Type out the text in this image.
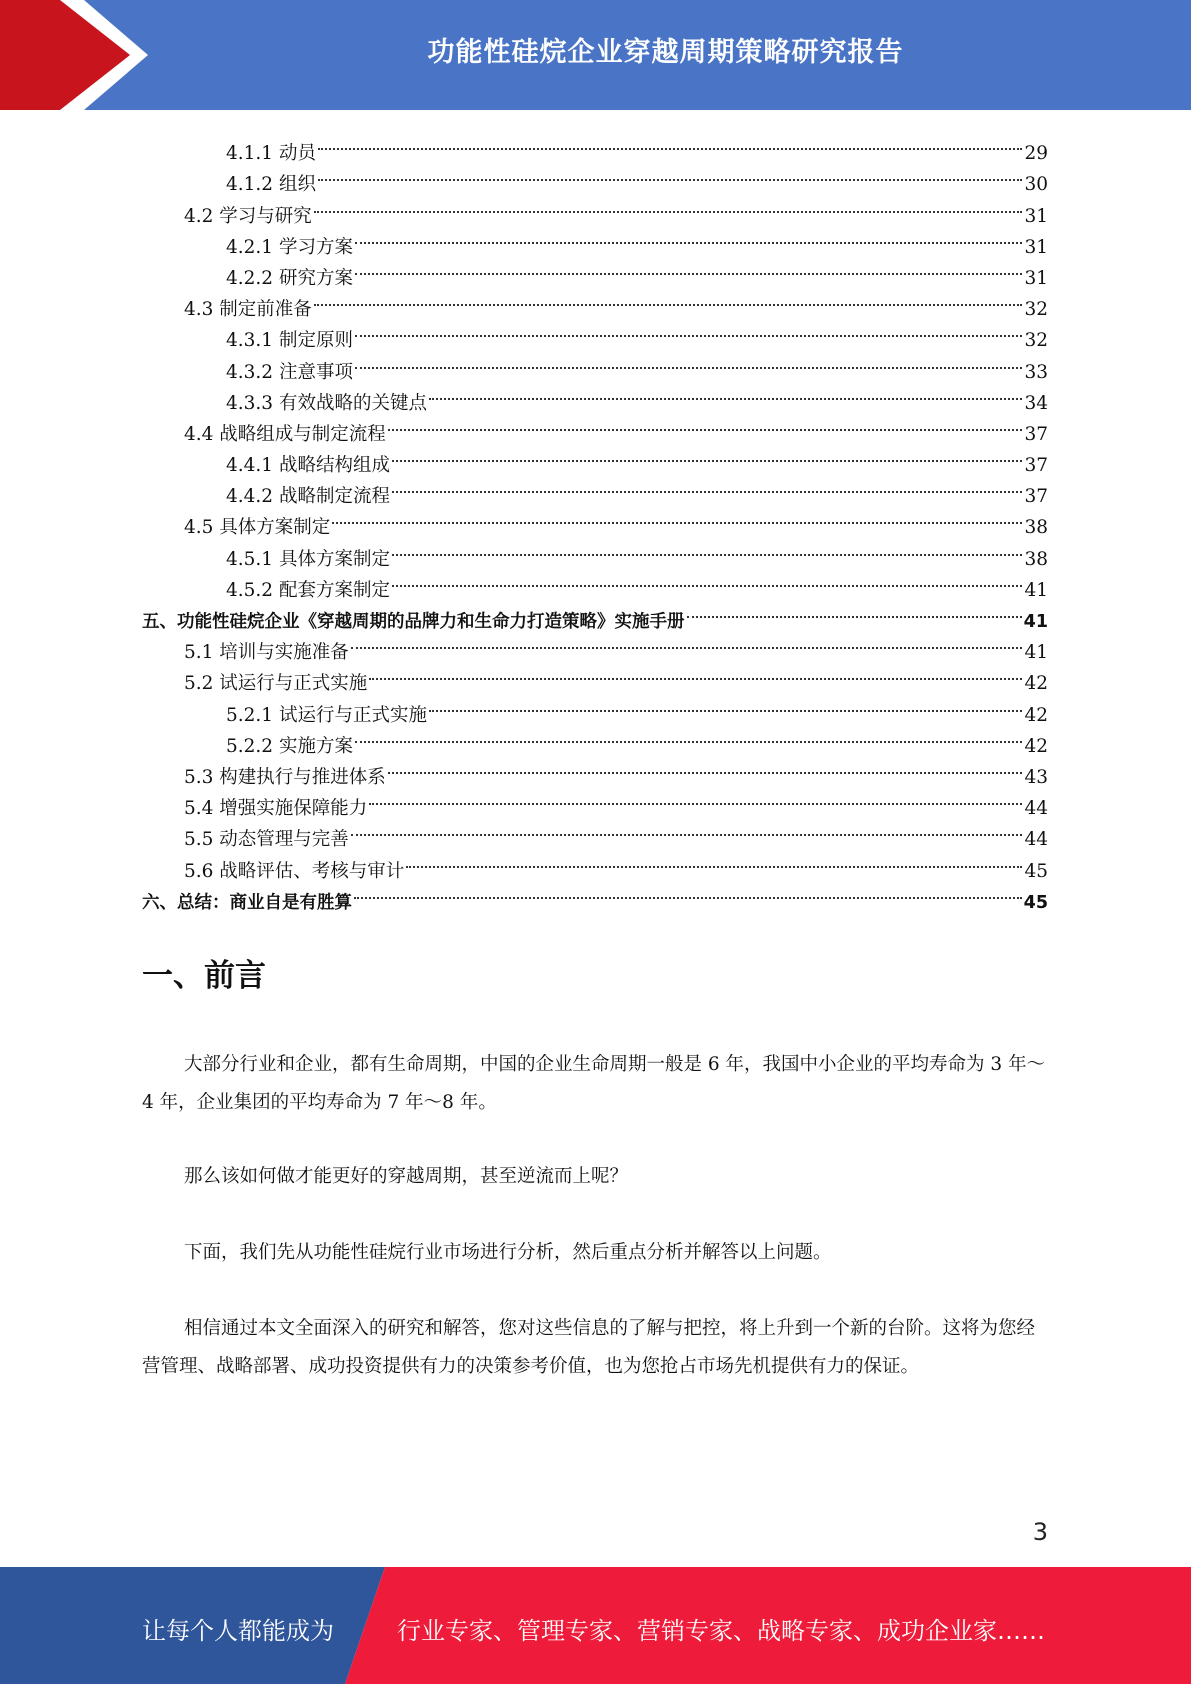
功能性硅烷企业穿越周期策略研究报告
4.1.1 动员	29
4.1.2 组织	30
4.2 学习与研究	31
4.2.1 学习方案	31
4.2.2 研究方案	31
4.3 制定前准备	32
4.3.1 制定原则	32
4.3.2 注意事项	33
4.3.3 有效战略的关键点	34
4.4 战略组成与制定流程	37
4.4.1 战略结构组成	37
4.4.2 战略制定流程	37
4.5 具体方案制定	38
4.5.1 具体方案制定	38
4.5.2 配套方案制定	41
五、功能性硅烷企业《穿越周期的品牌力和生命力打造策略》实施手册	41
5.1 培训与实施准备	41
5.2 试运行与正式实施	42
5.2.1 试运行与正式实施	42
5.2.2 实施方案	42
5.3 构建执行与推进体系	43
5.4 增强实施保障能力	44
5.5 动态管理与完善	44
5.6 战略评估、考核与审计	45
六、总结：商业自是有胜算	45
一、前言

大部分行业和企业，都有生命周期，中国的企业生命周期一般是 6 年，我国中小企业的平均寿命为 3 年～4 年，企业集团的平均寿命为 7 年～8 年。

那么该如何做才能更好的穿越周期，甚至逆流而上呢？

下面，我们先从功能性硅烷行业市场进行分析，然后重点分析并解答以上问题。

相信通过本文全面深入的研究和解答，您对这些信息的了解与把控，将上升到一个新的台阶。这将为您经营管理、战略部署、成功投资提供有力的决策参考价值，也为您抢占市场先机提供有力的保证。

3
让每个人都能成为	行业专家、管理专家、营销专家、战略专家、成功企业家……
